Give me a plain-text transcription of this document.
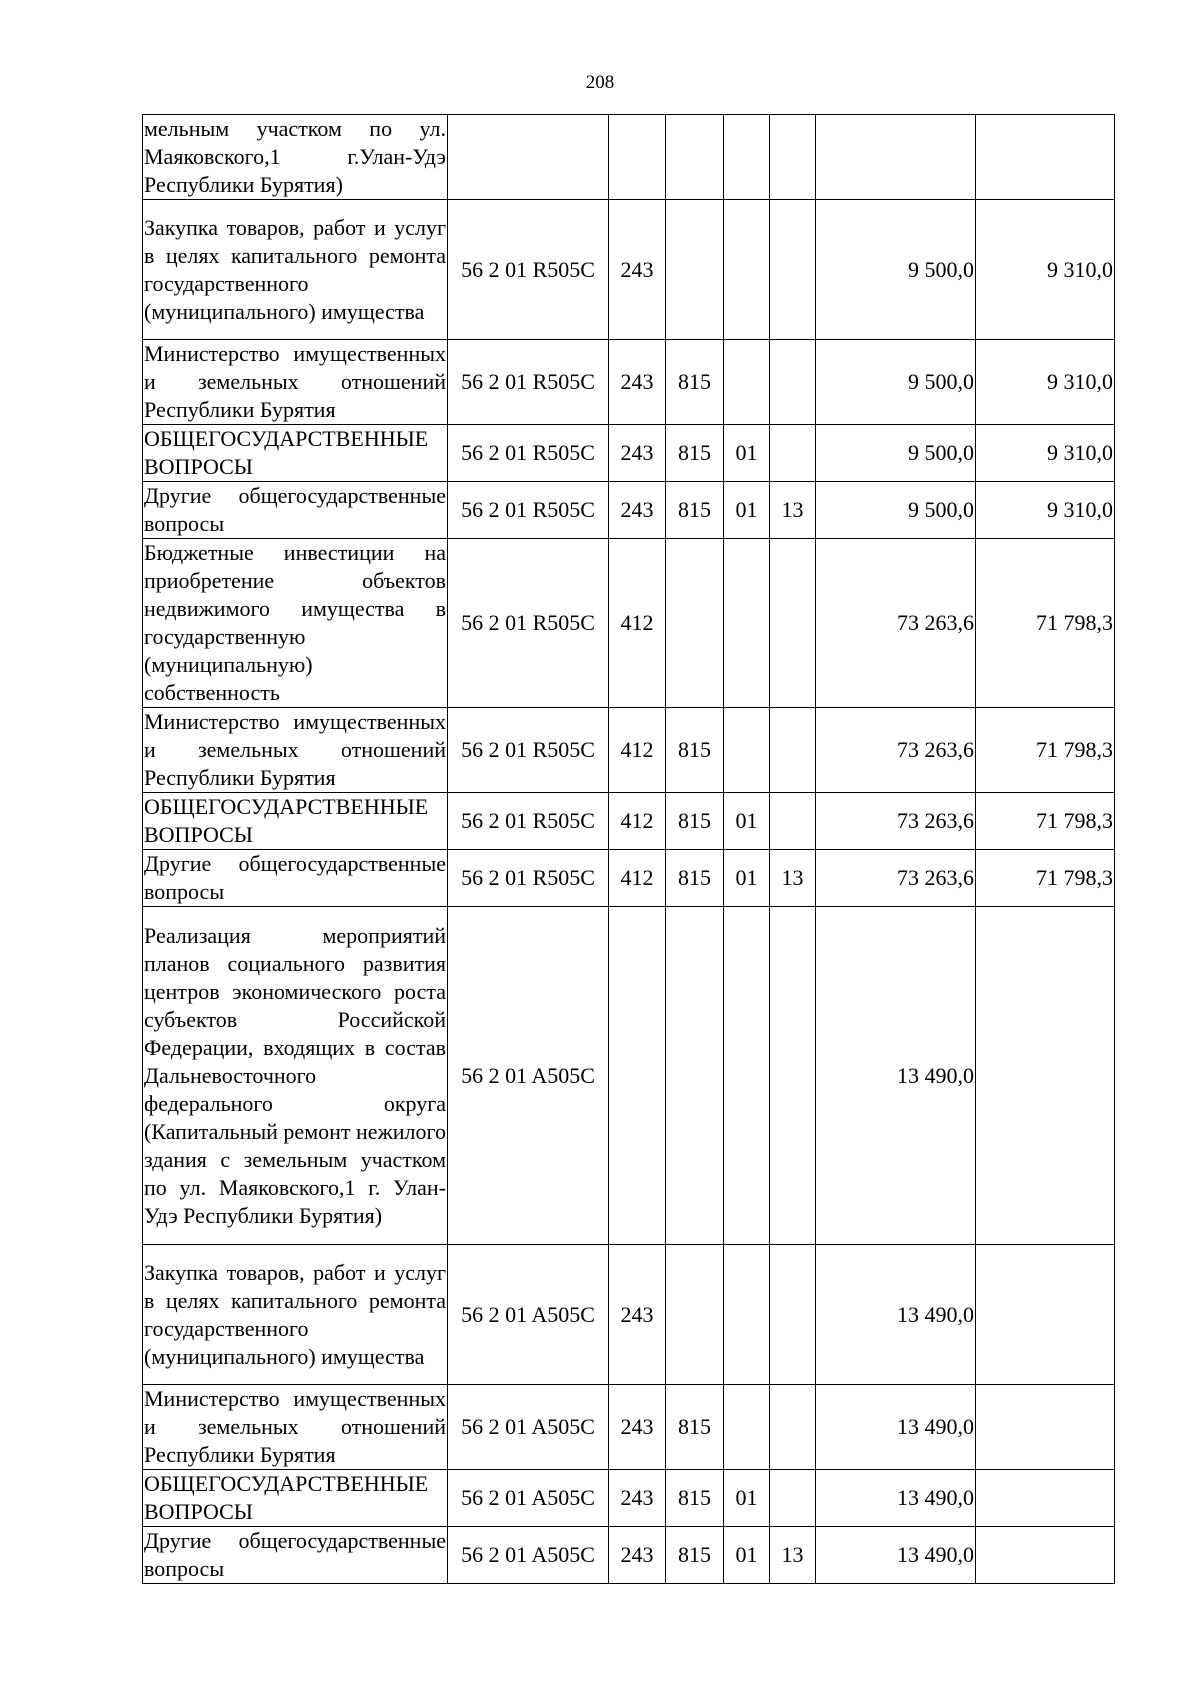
208
мельным участком по ул. Маяковского,1 г.Улан-Удэ Республики Бурятия)							
Закупка товаров, работ и услуг в целях капитального ремонта государственного (муниципального) имущества	56 2 01 R505C	243				9 500,0	9 310,0
Министерство имущественных и земельных отношений Республики Бурятия	56 2 01 R505C	243	815			9 500,0	9 310,0
ОБЩЕГОСУДАРСТВЕННЫЕ ВОПРОСЫ	56 2 01 R505C	243	815	01		9 500,0	9 310,0
Другие общегосударственные вопросы	56 2 01 R505C	243	815	01	13	9 500,0	9 310,0
Бюджетные инвестиции на приобретение объектов недвижимого имущества в государственную (муниципальную) собственность	56 2 01 R505C	412				73 263,6	71 798,3
Министерство имущественных и земельных отношений Республики Бурятия	56 2 01 R505C	412	815			73 263,6	71 798,3
ОБЩЕГОСУДАРСТВЕННЫЕ ВОПРОСЫ	56 2 01 R505C	412	815	01		73 263,6	71 798,3
Другие общегосударственные вопросы	56 2 01 R505C	412	815	01	13	73 263,6	71 798,3
Реализация мероприятий планов социального развития центров экономического роста субъектов Российской Федерации, входящих в состав Дальневосточного федерального округа (Капитальный ремонт нежилого здания с земельным участком по ул. Маяковского,1 г. Улан-Удэ Республики Бурятия)	56 2 01 A505C					13 490,0	
Закупка товаров, работ и услуг в целях капитального ремонта государственного (муниципального) имущества	56 2 01 A505C	243				13 490,0	
Министерство имущественных и земельных отношений Республики Бурятия	56 2 01 A505C	243	815			13 490,0	
ОБЩЕГОСУДАРСТВЕННЫЕ ВОПРОСЫ	56 2 01 A505C	243	815	01		13 490,0	
Другие общегосударственные вопросы	56 2 01 A505C	243	815	01	13	13 490,0	
